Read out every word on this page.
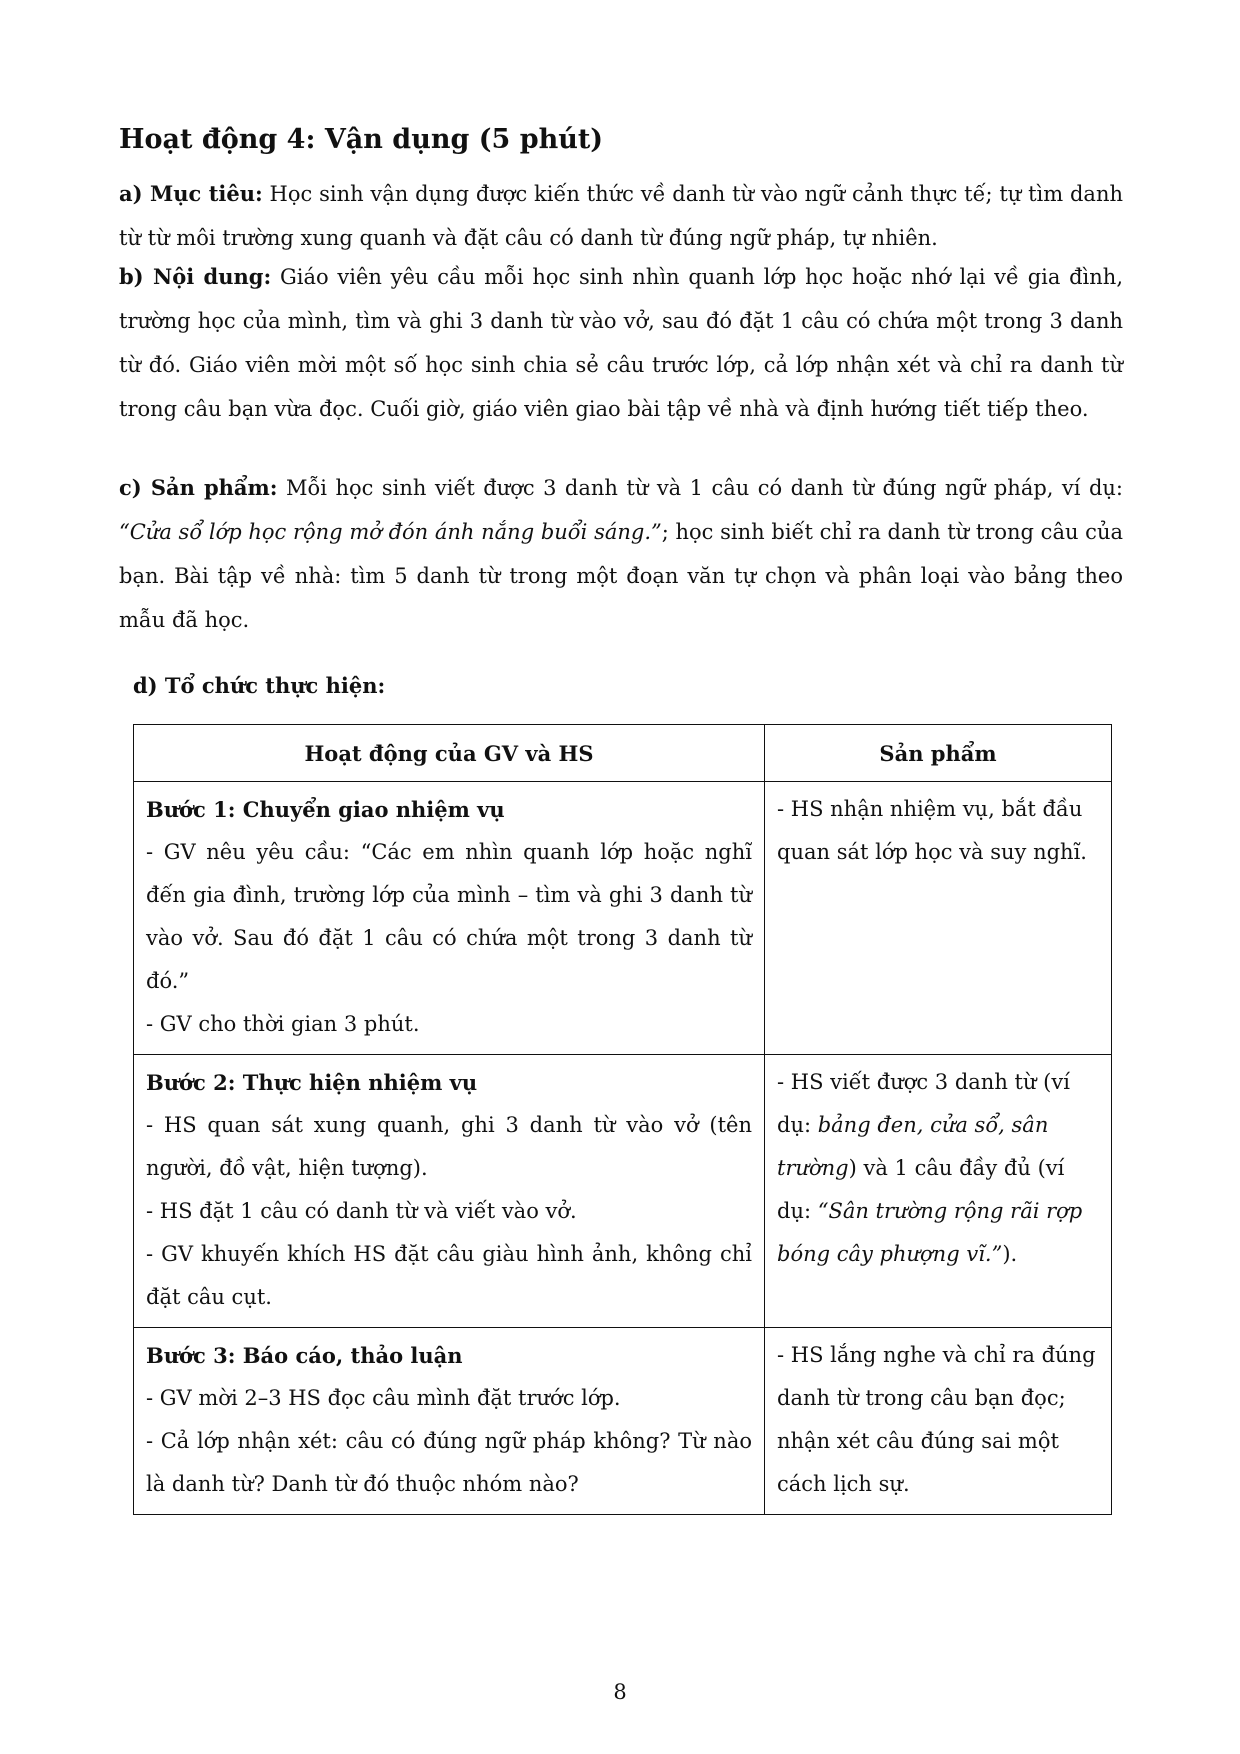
Hoạt động 4: Vận dụng (5 phút)

a) Mục tiêu: Học sinh vận dụng được kiến thức về danh từ vào ngữ cảnh thực tế; tự tìm danh từ từ môi trường xung quanh và đặt câu có danh từ đúng ngữ pháp, tự nhiên.

b) Nội dung: Giáo viên yêu cầu mỗi học sinh nhìn quanh lớp học hoặc nhớ lại về gia đình, trường học của mình, tìm và ghi 3 danh từ vào vở, sau đó đặt 1 câu có chứa một trong 3 danh từ đó. Giáo viên mời một số học sinh chia sẻ câu trước lớp, cả lớp nhận xét và chỉ ra danh từ trong câu bạn vừa đọc. Cuối giờ, giáo viên giao bài tập về nhà và định hướng tiết tiếp theo.

c) Sản phẩm: Mỗi học sinh viết được 3 danh từ và 1 câu có danh từ đúng ngữ pháp, ví dụ: “Cửa sổ lớp học rộng mở đón ánh nắng buổi sáng.”; học sinh biết chỉ ra danh từ trong câu của bạn. Bài tập về nhà: tìm 5 danh từ trong một đoạn văn tự chọn và phân loại vào bảng theo mẫu đã học.

d) Tổ chức thực hiện:
Hoạt động của GV và HS	Sản phẩm

Bước 1: Chuyển giao nhiệm vụ
- GV nêu yêu cầu: “Các em nhìn quanh lớp hoặc nghĩ đến gia đình, trường lớp của mình – tìm và ghi 3 danh từ vào vở. Sau đó đặt 1 câu có chứa một trong 3 danh từ đó.”
- GV cho thời gian 3 phút.	- HS nhận nhiệm vụ, bắt đầu quan sát lớp học và suy nghĩ.

Bước 2: Thực hiện nhiệm vụ
- HS quan sát xung quanh, ghi 3 danh từ vào vở (tên người, đồ vật, hiện tượng).
- HS đặt 1 câu có danh từ và viết vào vở.
- GV khuyến khích HS đặt câu giàu hình ảnh, không chỉ đặt câu cụt.	- HS viết được 3 danh từ (ví dụ: bảng đen, cửa sổ, sân trường) và 1 câu đầy đủ (ví dụ: “Sân trường rộng rãi rợp bóng cây phượng vĩ.”).

Bước 3: Báo cáo, thảo luận
- GV mời 2–3 HS đọc câu mình đặt trước lớp.
- Cả lớp nhận xét: câu có đúng ngữ pháp không? Từ nào là danh từ? Danh từ đó thuộc nhóm nào?	- HS lắng nghe và chỉ ra đúng danh từ trong câu bạn đọc; nhận xét câu đúng sai một cách lịch sự.
8
